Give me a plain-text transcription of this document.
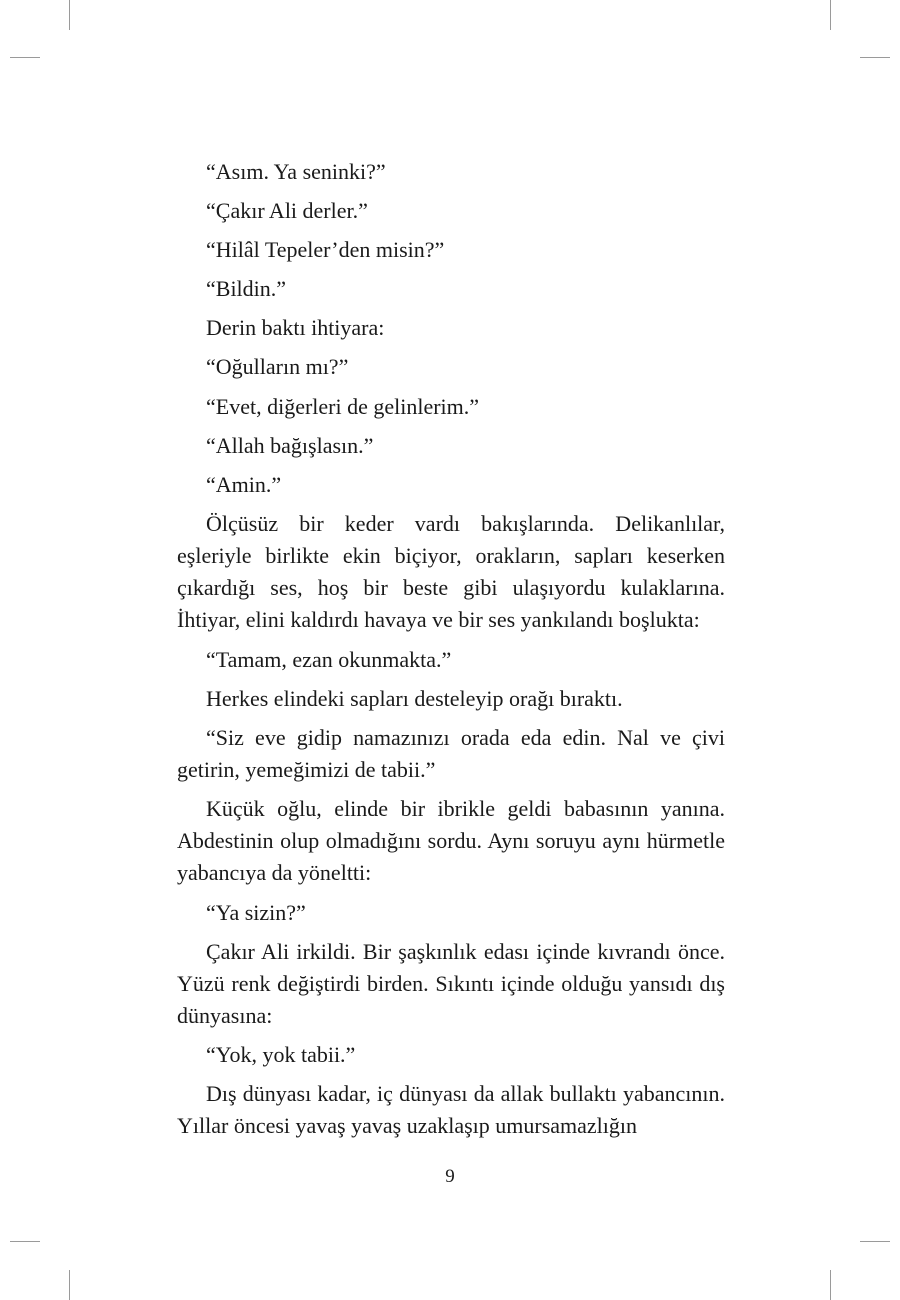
“Asım. Ya seninki?”

“Çakır Ali derler.”

“Hilâl Tepeler’den misin?”

“Bildin.”

Derin baktı ihtiyara:

“Oğulların mı?”

“Evet, diğerleri de gelinlerim.”

“Allah bağışlasın.”

“Amin.”

Ölçüsüz bir keder vardı bakışlarında. Delikanlılar, eşleriyle birlikte ekin biçiyor, orakların, sapları keserken çıkardığı ses, hoş bir beste gibi ulaşıyordu kulaklarına. İhtiyar, elini kaldırdı havaya ve bir ses yankılandı boşlukta:

“Tamam, ezan okunmakta.”

Herkes elindeki sapları desteleyip orağı bıraktı.

“Siz eve gidip namazınızı orada eda edin. Nal ve çivi getirin, yemeğimizi de tabii.”

Küçük oğlu, elinde bir ibrikle geldi babasının yanına. Abdestinin olup olmadığını sordu. Aynı soruyu aynı hürmetle yabancıya da yöneltti:

“Ya sizin?”

Çakır Ali irkildi. Bir şaşkınlık edası içinde kıvrandı önce. Yüzü renk değiştirdi birden. Sıkıntı içinde olduğu yansıdı dış dünyasına:

“Yok, yok tabii.”

Dış dünyası kadar, iç dünyası da allak bullaktı yabancının. Yıllar öncesi yavaş yavaş uzaklaşıp umursamazlığın

9
